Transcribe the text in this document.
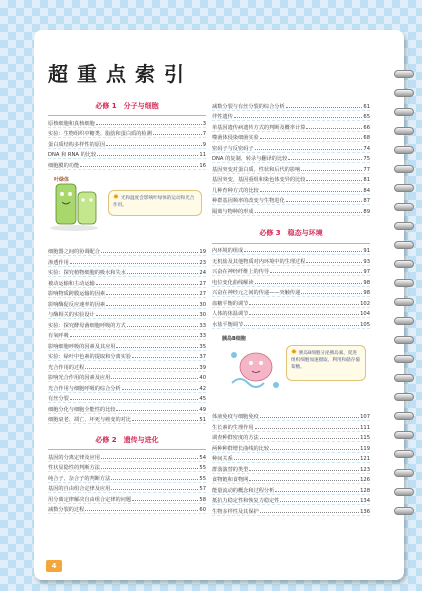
超重点索引
必修 1　分子与细胞
原核细胞和真核细胞	3
实验：生物组织中糖类、脂肪和蛋白质的检测	7
蛋白质结构多样性的原因	9
DNA 和 RNA 的比较	11
细胞膜的功能	16
叶绿体
✸ 光和温度会影响叶绿体的运动和光合作用。
细胞器之间的协调配合	19
渗透作用	23
实验：探究植物细胞的吸水和失水	24
被动运输和主动运输	27
影响物质跨膜运输的因素	27
影响酶促反应速率的因素	30
与酶相关的实验设计	30
实验：探究酵母菌细胞呼吸的方式	33
有氧呼吸	33
影响细胞呼吸的因素及其应用	35
实验：绿叶中色素的提取和分离实验	37
光合作用的过程	39
影响光合作用的因素及应用	40
光合作用与细胞呼吸的综合分析	42
有丝分裂	45
细胞分化与细胞全能性的比较	49
细胞衰老、凋亡、坏死与癌变的对比	51
必修 2　遗传与进化
基因的分离定律及应用	54
性状显隐性的判断方法	55
纯合子、杂合子的判断方法	55
基因的自由组合定律及应用	57
用分离定律解决自由组合定律的问题	58
减数分裂的过程	60
减数分裂与有丝分裂的综合分析	61
伴性遗传	65
单基因遗传病遗传方式的判断及概率计算	66
噬菌体侵染细菌实验	68
密码子与反密码子	74
DNA 的复制、转录与翻译的比较	75
基因突变对蛋白质、性状和后代的影响	77
基因突变、基因重组和染色体变异的比较	81
几种育种方式的比较	84
种群基因频率的改变与生物进化	87
隔离与物种的形成	89
必修 3　稳态与环境
内环境的组成	91
无机盐及其他物质对内环境中的生理过程	93
兴奋在神经纤维上的传导	97
电位变化曲线解读	98
兴奋在神经元之间的传递——突触传递	98
血糖平衡的调节	102
人体的体温调节	104
水盐平衡调节	105
胰岛B细胞
✸ 胰岛B细胞分泌胰岛素，促进组织细胞加速摄取、利用和储存葡萄糖。
体液免疫与细胞免疫	107
生长素的生理作用	111
调查种群密度的方法	115
两种种群增长曲线的比较	119
种间关系	121
群落演替的类型	123
食物链和食物网	126
能量流动的概念和过程分析	128
抵抗力稳定性和恢复力稳定性	134
生物多样性及其保护	136
4
